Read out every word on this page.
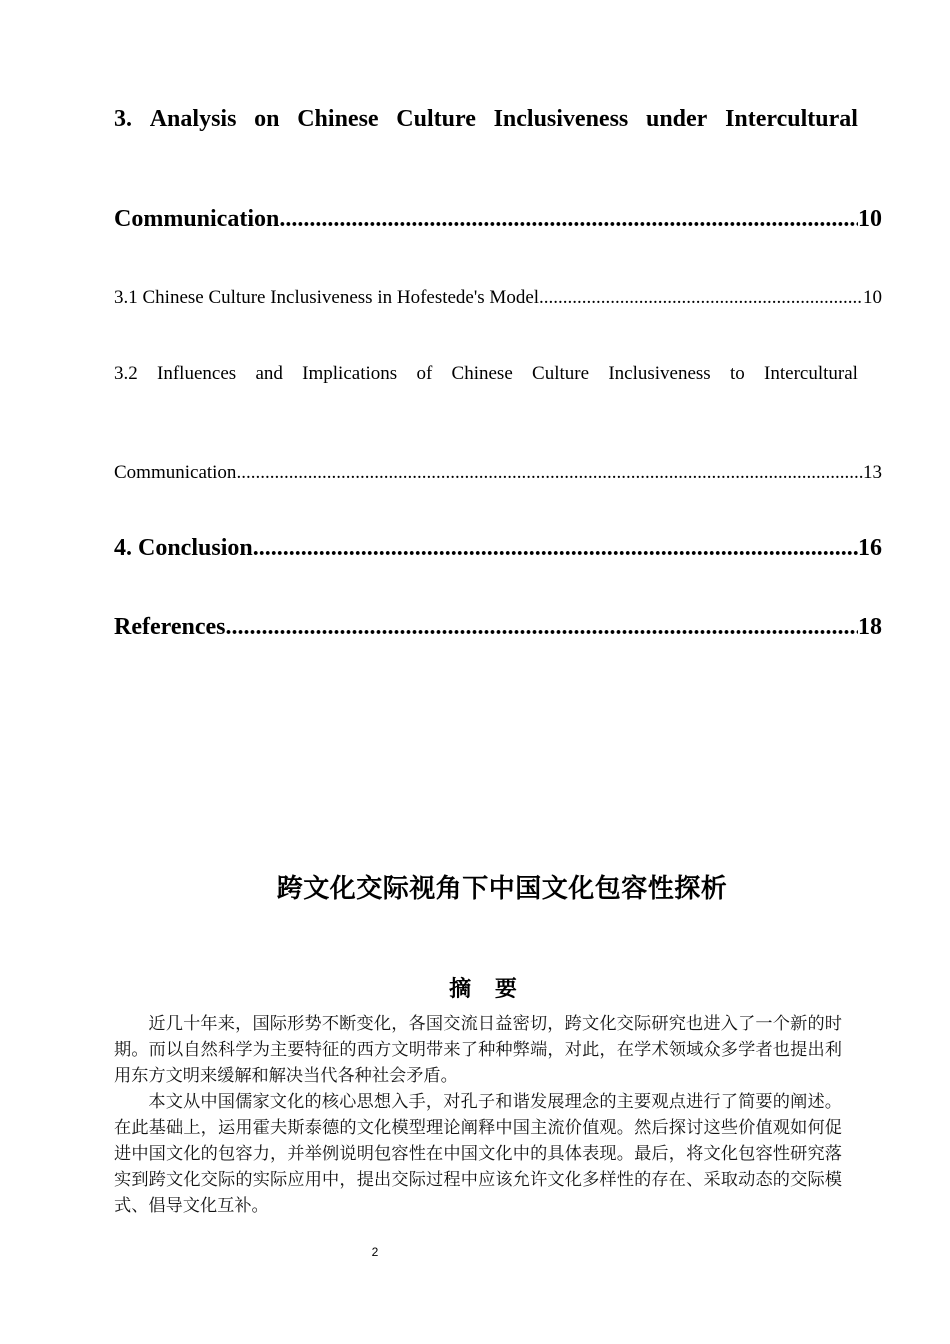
3. Analysis on Chinese Culture Inclusiveness under Intercultural
Communication .....	10
3.1 Chinese Culture Inclusiveness in Hofestede's Model .....	10
3.2 Influences and Implications of Chinese Culture Inclusiveness to Intercultural
Communication .....	13
4. Conclusion .....	16
References .....	18
跨文化交际视角下中国文化包容性探析
摘 要

近几十年来，国际形势不断变化，各国交流日益密切，跨文化交际研究也进入了一个新的时期。而以自然科学为主要特征的西方文明带来了种种弊端，对此，在学术领域众多学者也提出利用东方文明来缓解和解决当代各种社会矛盾。

本文从中国儒家文化的核心思想入手，对孔子和谐发展理念的主要观点进行了简要的阐述。在此基础上，运用霍夫斯泰德的文化模型理论阐释中国主流价值观。然后探讨这些价值观如何促进中国文化的包容力，并举例说明包容性在中国文化中的具体表现。最后，将文化包容性研究落实到跨文化交际的实际应用中，提出交际过程中应该允许文化多样性的存在、采取动态的交际模式、倡导文化互补。

2
